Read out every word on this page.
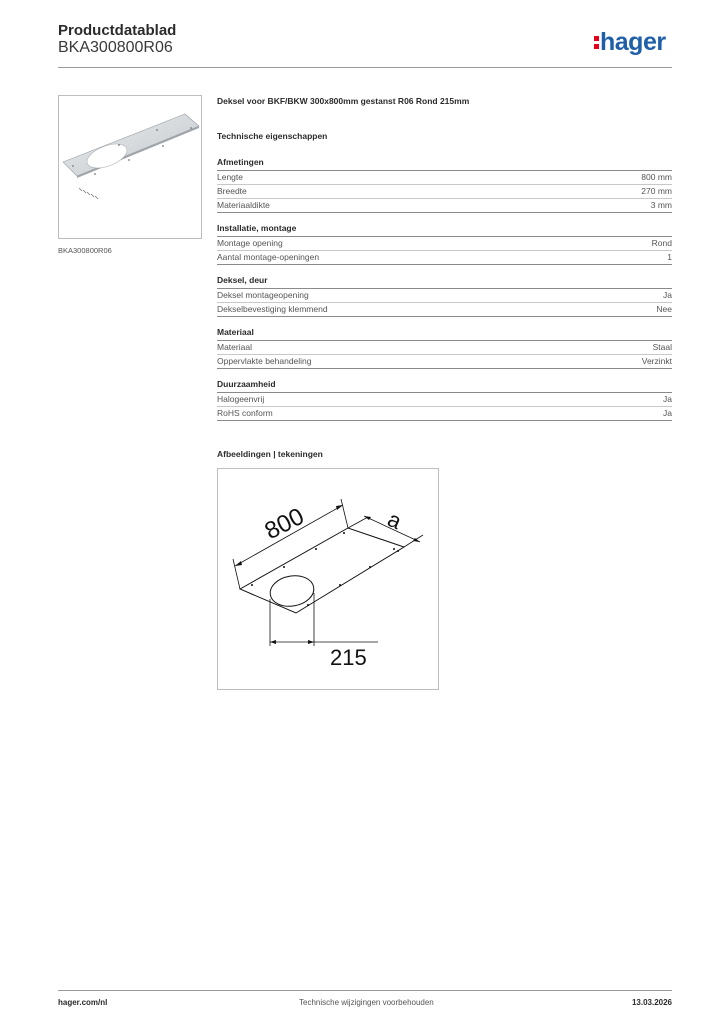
Productdatablad
BKA300800R06	hager
BKA300800R06
Deksel voor BKF/BKW 300x800mm gestanst R06 Rond 215mm
Technische eigenschappen
Afmetingen
Lengte	800 mm
Breedte	270 mm
Materiaaldikte	3 mm
Installatie, montage
Montage opening	Rond
Aantal montage-openingen	1
Deksel, deur
Deksel montageopening	Ja
Dekselbevestiging klemmend	Nee
Materiaal
Materiaal	Staal
Oppervlakte behandeling	Verzinkt
Duurzaamheid
Halogeenvrij	Ja
RoHS conform	Ja
Afbeeldingen | tekeningen
800	a
215
hager.com/nl	Technische wijzigingen voorbehouden	13.03.2026
